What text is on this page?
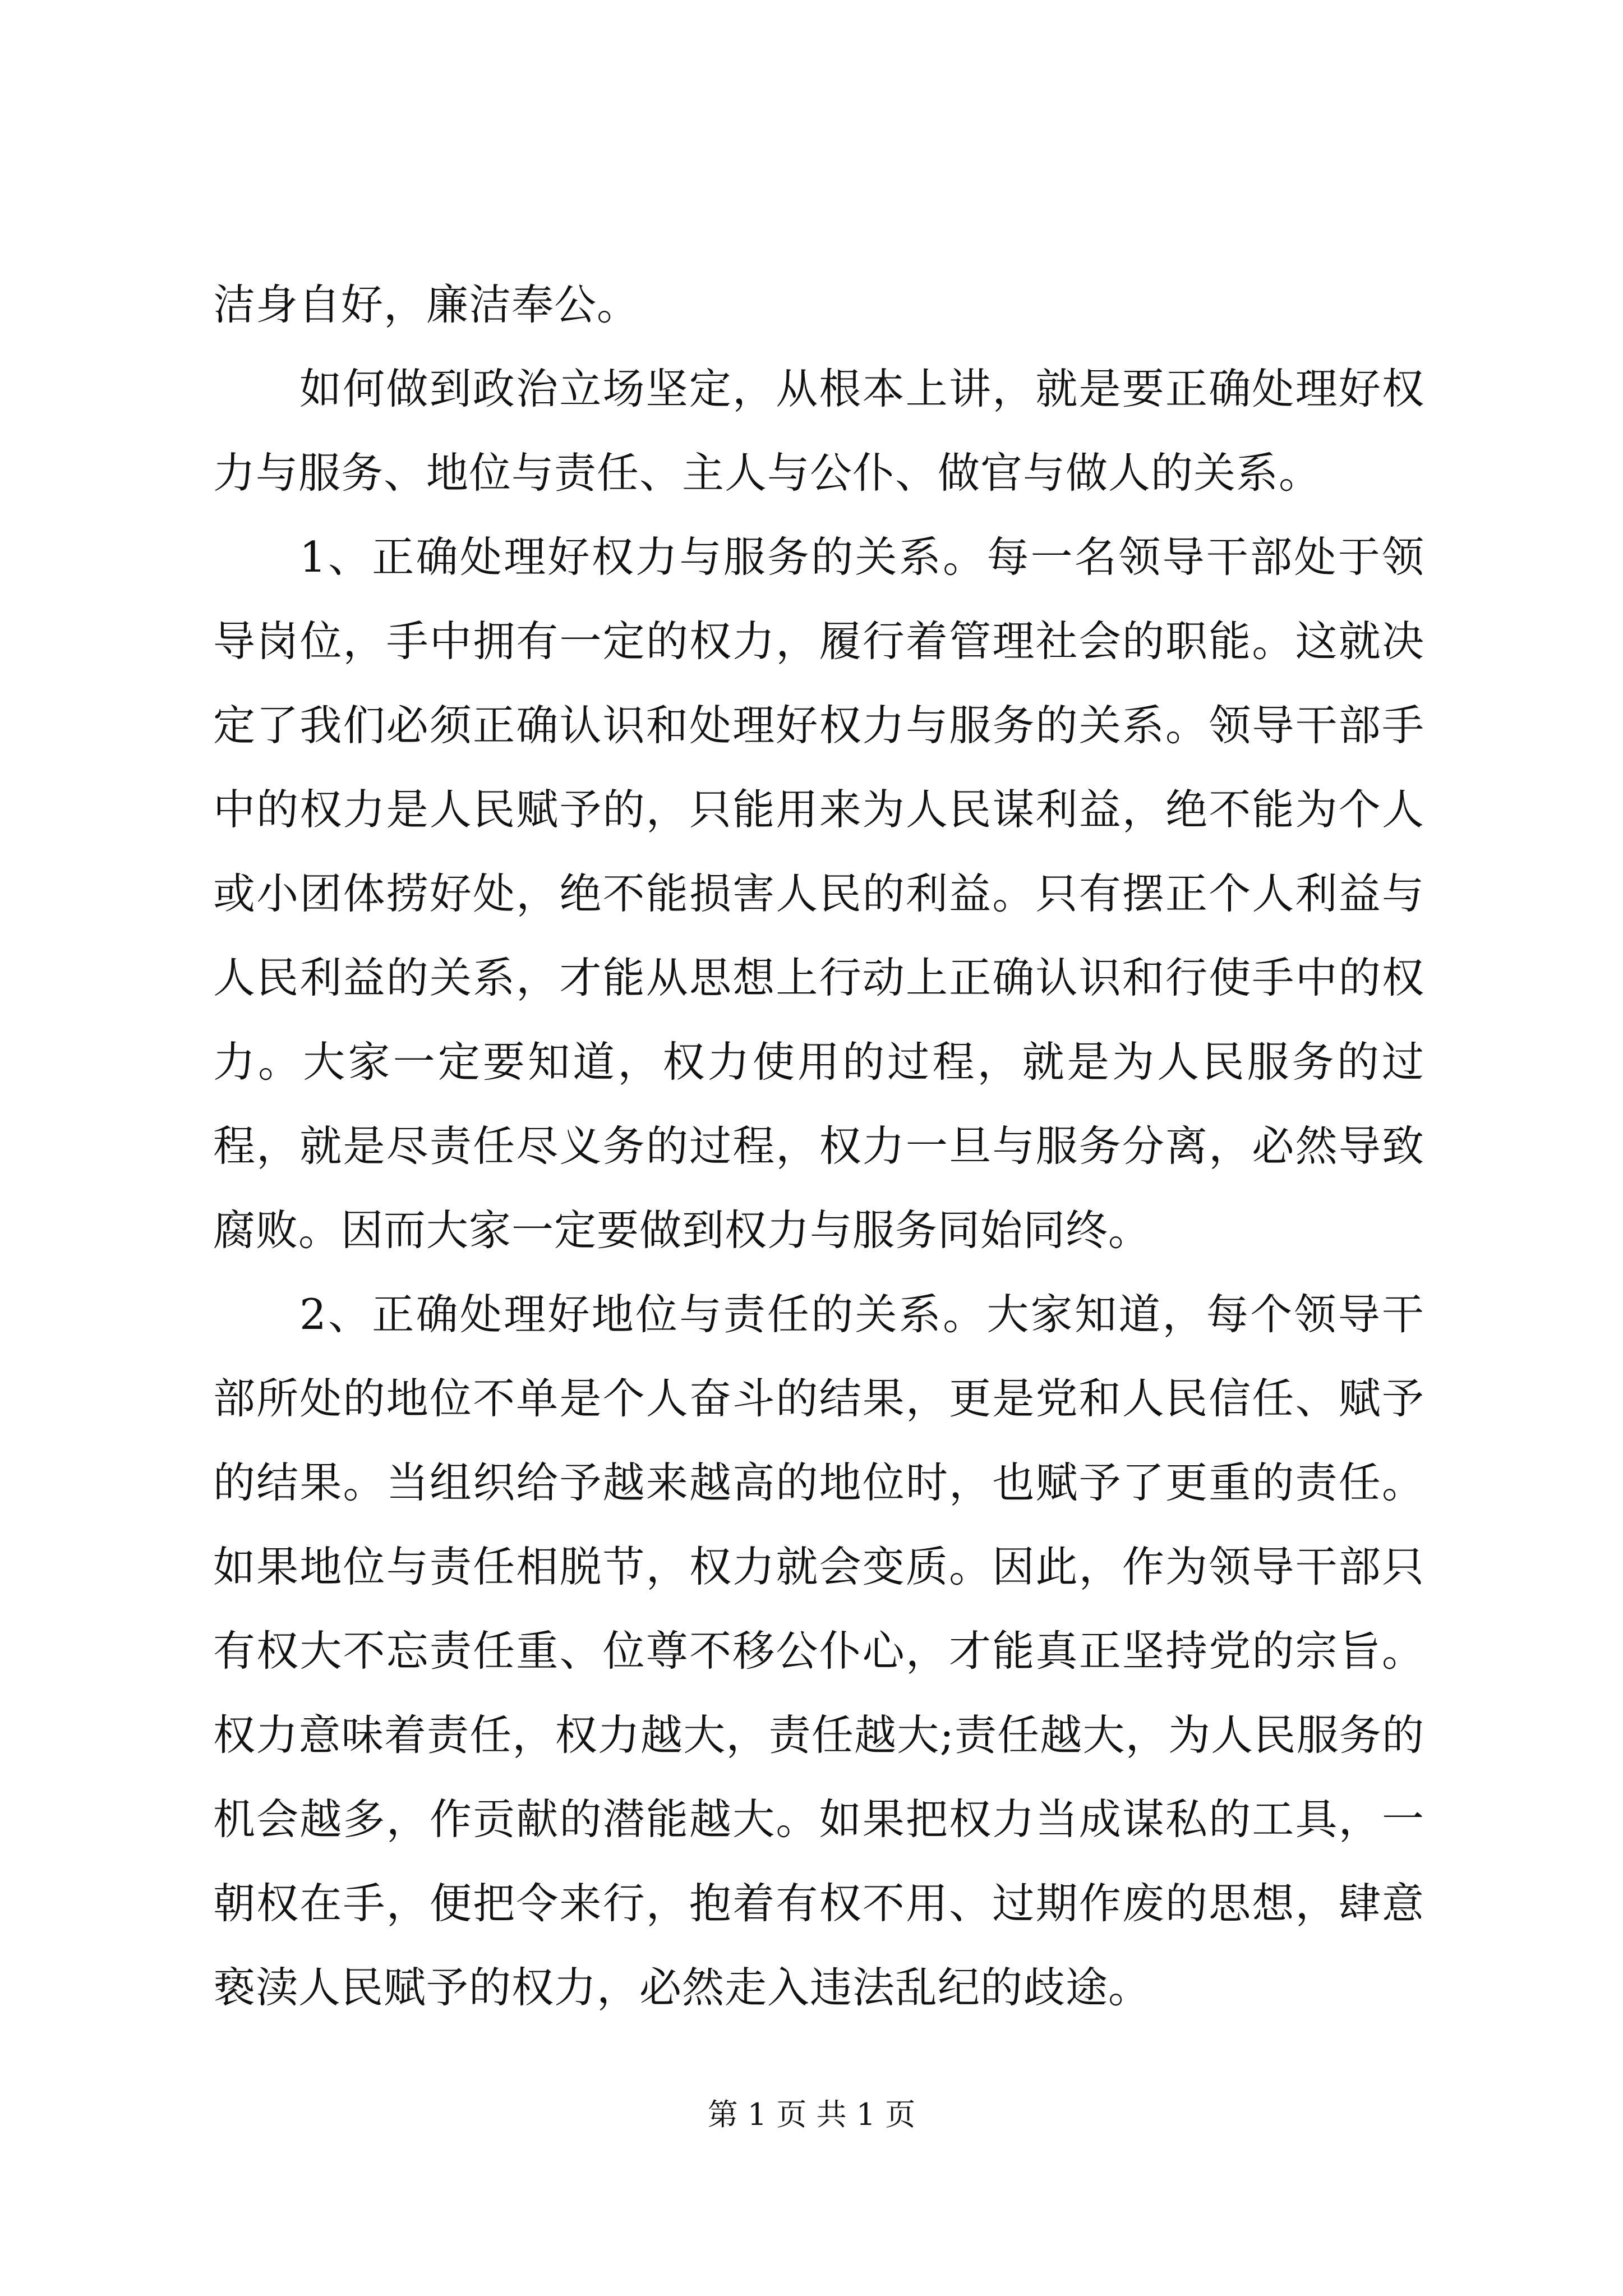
洁身自好，廉洁奉公。

如何做到政治立场坚定，从根本上讲，就是要正确处理好权力与服务、地位与责任、主人与公仆、做官与做人的关系。

1、正确处理好权力与服务的关系。每一名领导干部处于领导岗位，手中拥有一定的权力，履行着管理社会的职能。这就决定了我们必须正确认识和处理好权力与服务的关系。领导干部手中的权力是人民赋予的，只能用来为人民谋利益，绝不能为个人或小团体捞好处，绝不能损害人民的利益。只有摆正个人利益与人民利益的关系，才能从思想上行动上正确认识和行使手中的权力。大家一定要知道，权力使用的过程，就是为人民服务的过程，就是尽责任尽义务的过程，权力一旦与服务分离，必然导致腐败。因而大家一定要做到权力与服务同始同终。

2、正确处理好地位与责任的关系。大家知道，每个领导干部所处的地位不单是个人奋斗的结果，更是党和人民信任、赋予的结果。当组织给予越来越高的地位时，也赋予了更重的责任。如果地位与责任相脱节，权力就会变质。因此，作为领导干部只有权大不忘责任重、位尊不移公仆心，才能真正坚持党的宗旨。权力意味着责任，权力越大，责任越大;责任越大，为人民服务的机会越多，作贡献的潜能越大。如果把权力当成谋私的工具，一朝权在手，便把令来行，抱着有权不用、过期作废的思想，肆意亵渎人民赋予的权力，必然走入违法乱纪的歧途。

第 1 页 共 1 页
